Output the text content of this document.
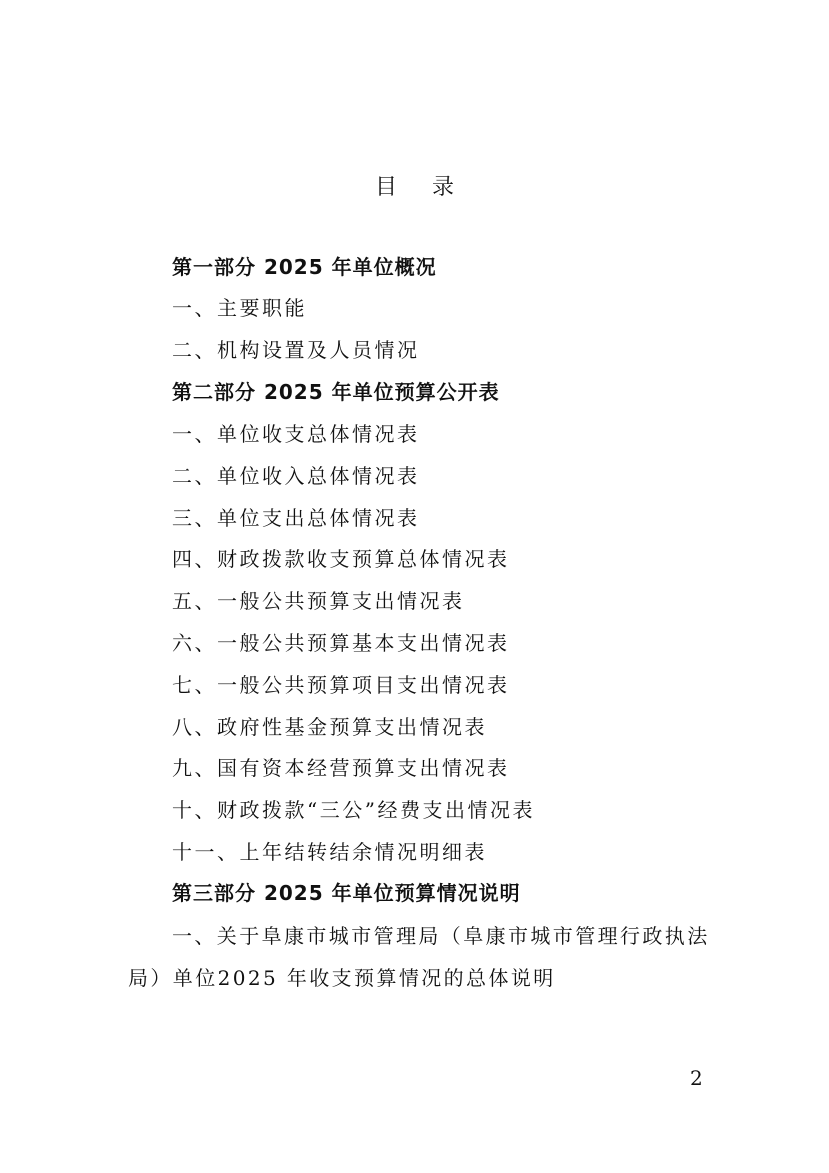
目 录
第一部分 2025 年单位概况
一、主要职能
二、机构设置及人员情况
第二部分 2025 年单位预算公开表
一、单位收支总体情况表
二、单位收入总体情况表
三、单位支出总体情况表
四、财政拨款收支预算总体情况表
五、一般公共预算支出情况表
六、一般公共预算基本支出情况表
七、一般公共预算项目支出情况表
八、政府性基金预算支出情况表
九、国有资本经营预算支出情况表
十、财政拨款“三公”经费支出情况表
十一、上年结转结余情况明细表
第三部分 2025 年单位预算情况说明
一、关于阜康市城市管理局（阜康市城市管理行政执法局）单位2025 年收支预算情况的总体说明
2
